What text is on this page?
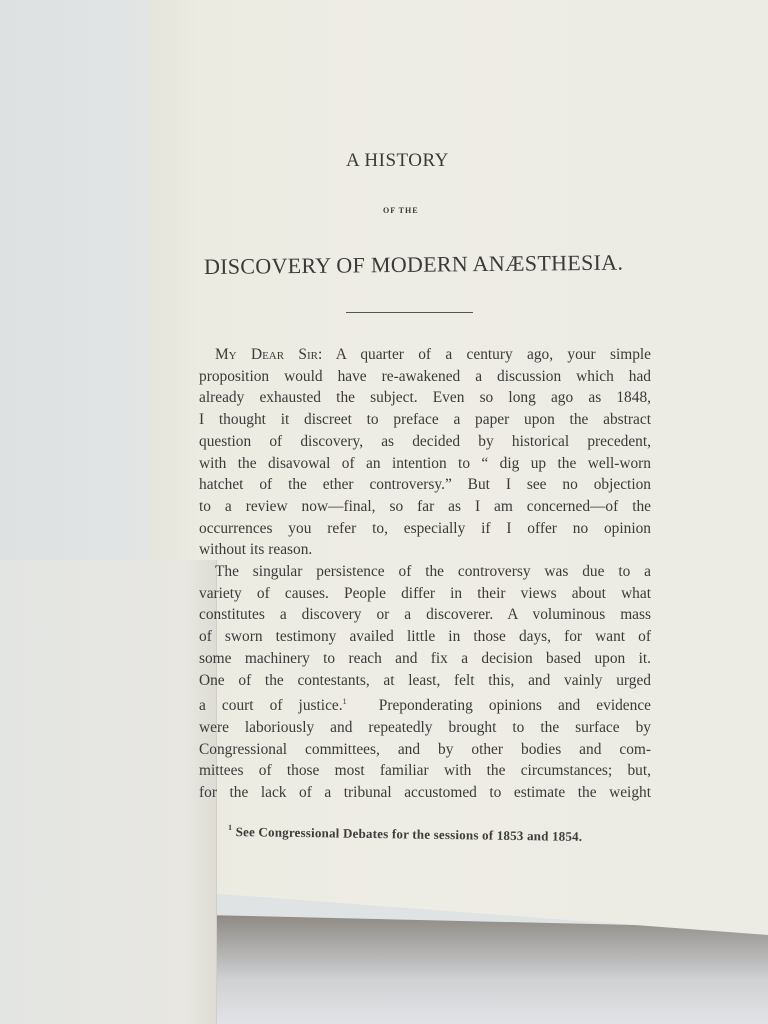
A HISTORY
OF THE
DISCOVERY OF MODERN ANÆSTHESIA.
My Dear Sir: A quarter of a century ago, your simple
proposition would have re-awakened a discussion which had
already exhausted the subject. Even so long ago as 1848,
I thought it discreet to preface a paper upon the abstract
question of discovery, as decided by historical precedent,
with the disavowal of an intention to “ dig up the well-worn
hatchet of the ether controversy.” But I see no objection
to a review now—final, so far as I am concerned—of the
occurrences you refer to, especially if I offer no opinion
without its reason.
The singular persistence of the controversy was due to a
variety of causes. People differ in their views about what
constitutes a discovery or a discoverer. A voluminous mass
of sworn testimony availed little in those days, for want of
some machinery to reach and fix a decision based upon it.
One of the contestants, at least, felt this, and vainly urged
a court of justice.$^1$ Preponderating opinions and evidence
were laboriously and repeatedly brought to the surface by
Congressional committees, and by other bodies and com-
mittees of those most familiar with the circumstances; but,
for the lack of a tribunal accustomed to estimate the weight
$^1$ See Congressional Debates for the sessions of 1853 and 1854.
